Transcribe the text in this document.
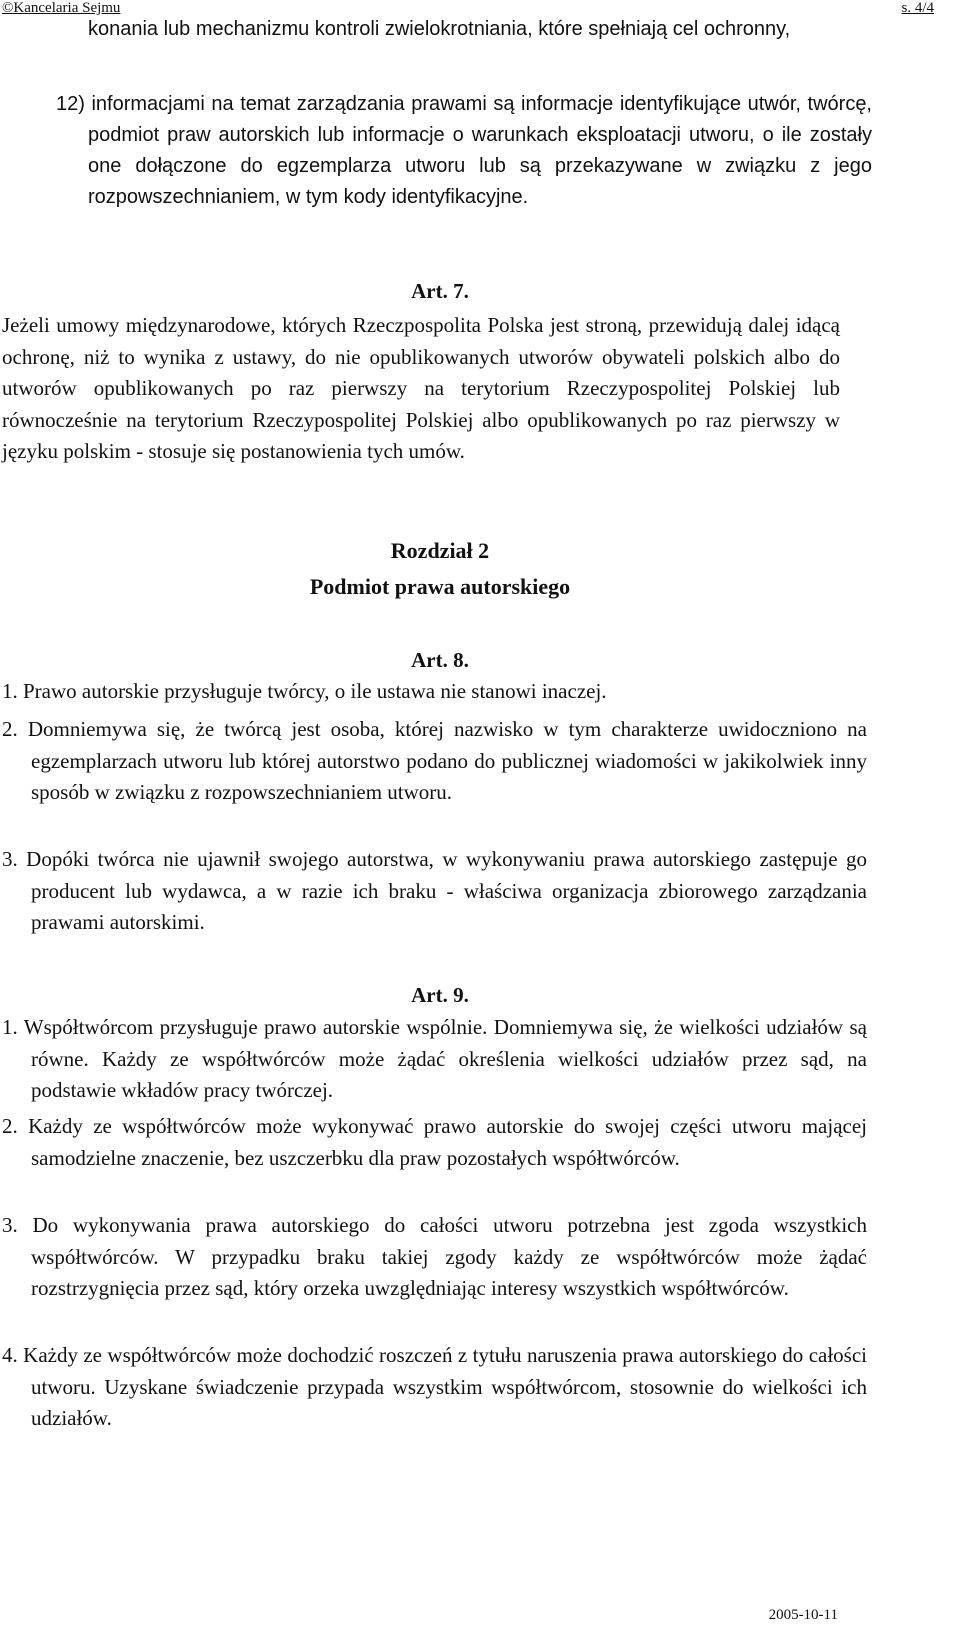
©Kancelaria Sejmu	s. 4/4
konania lub mechanizmu kontroli zwielokrotniania, które spełniają cel ochronny,
12) informacjami na temat zarządzania prawami są informacje identyfikujące utwór, twórcę, podmiot praw autorskich lub informacje o warunkach eksploatacji utworu, o ile zostały one dołączone do egzemplarza utworu lub są przekazywane w związku z jego rozpowszechnianiem, w tym kody identyfikacyjne.
Art. 7.
Jeżeli umowy międzynarodowe, których Rzeczpospolita Polska jest stroną, przewidują dalej idącą ochronę, niż to wynika z ustawy, do nie opublikowanych utworów obywateli polskich albo do utworów opublikowanych po raz pierwszy na terytorium Rzeczypospolitej Polskiej lub równocześnie na terytorium Rzeczypospolitej Polskiej albo opublikowanych po raz pierwszy w języku polskim - stosuje się postanowienia tych umów.
Rozdział 2
Podmiot prawa autorskiego
Art. 8.
1. Prawo autorskie przysługuje twórcy, o ile ustawa nie stanowi inaczej.
2. Domniemywa się, że twórcą jest osoba, której nazwisko w tym charakterze uwidoczniono na egzemplarzach utworu lub której autorstwo podano do publicznej wiadomości w jakikolwiek inny sposób w związku z rozpowszechnianiem utworu.
3. Dopóki twórca nie ujawnił swojego autorstwa, w wykonywaniu prawa autorskiego zastępuje go producent lub wydawca, a w razie ich braku - właściwa organizacja zbiorowego zarządzania prawami autorskimi.
Art. 9.
1. Współtwórcom przysługuje prawo autorskie wspólnie. Domniemywa się, że wielkości udziałów są równe. Każdy ze współtwórców może żądać określenia wielkości udziałów przez sąd, na podstawie wkładów pracy twórczej.
2. Każdy ze współtwórców może wykonywać prawo autorskie do swojej części utworu mającej samodzielne znaczenie, bez uszczerbku dla praw pozostałych współtwórców.
3. Do wykonywania prawa autorskiego do całości utworu potrzebna jest zgoda wszystkich współtwórców. W przypadku braku takiej zgody każdy ze współtwórców może żądać rozstrzygnięcia przez sąd, który orzeka uwzględniając interesy wszystkich współtwórców.
4. Każdy ze współtwórców może dochodzić roszczeń z tytułu naruszenia prawa autorskiego do całości utworu. Uzyskane świadczenie przypada wszystkim współtwórcom, stosownie do wielkości ich udziałów.
2005-10-11
